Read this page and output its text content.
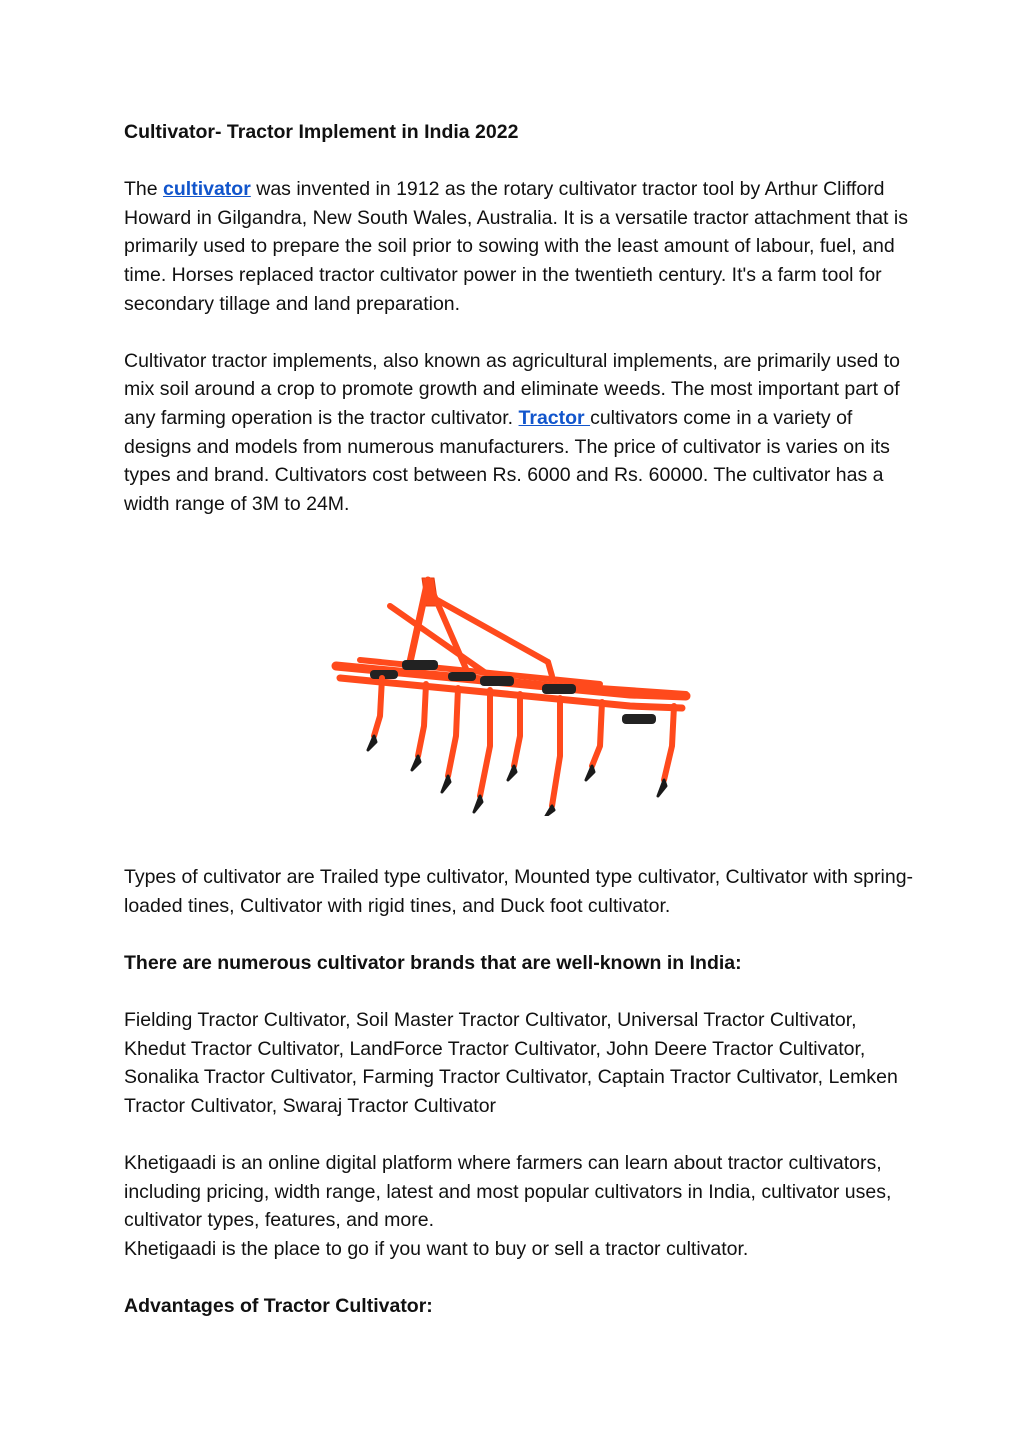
Cultivator- Tractor Implement in India 2022

The cultivator was invented in 1912 as the rotary cultivator tractor tool by Arthur Clifford Howard in Gilgandra, New South Wales, Australia. It is a versatile tractor attachment that is primarily used to prepare the soil prior to sowing with the least amount of labour, fuel, and time. Horses replaced tractor cultivator power in the twentieth century. It's a farm tool for secondary tillage and land preparation.

Cultivator tractor implements, also known as agricultural implements, are primarily used to mix soil around a crop to promote growth and eliminate weeds. The most important part of any farming operation is the tractor cultivator. Tractor cultivators come in a variety of designs and models from numerous manufacturers. The price of cultivator is varies on its types and brand. Cultivators cost between Rs. 6000 and Rs. 60000. The cultivator has a width range of 3M to 24M.

Types of cultivator are Trailed type cultivator, Mounted type cultivator, Cultivator with spring-loaded tines, Cultivator with rigid tines, and Duck foot cultivator.

There are numerous cultivator brands that are well-known in India:

Fielding Tractor Cultivator, Soil Master Tractor Cultivator, Universal Tractor Cultivator, Khedut Tractor Cultivator, LandForce Tractor Cultivator, John Deere Tractor Cultivator, Sonalika Tractor Cultivator, Farming Tractor Cultivator, Captain Tractor Cultivator, Lemken Tractor Cultivator, Swaraj Tractor Cultivator

Khetigaadi is an online digital platform where farmers can learn about tractor cultivators, including pricing, width range, latest and most popular cultivators in India, cultivator uses, cultivator types, features, and more.

Khetigaadi is the place to go if you want to buy or sell a tractor cultivator.

Advantages of Tractor Cultivator:
